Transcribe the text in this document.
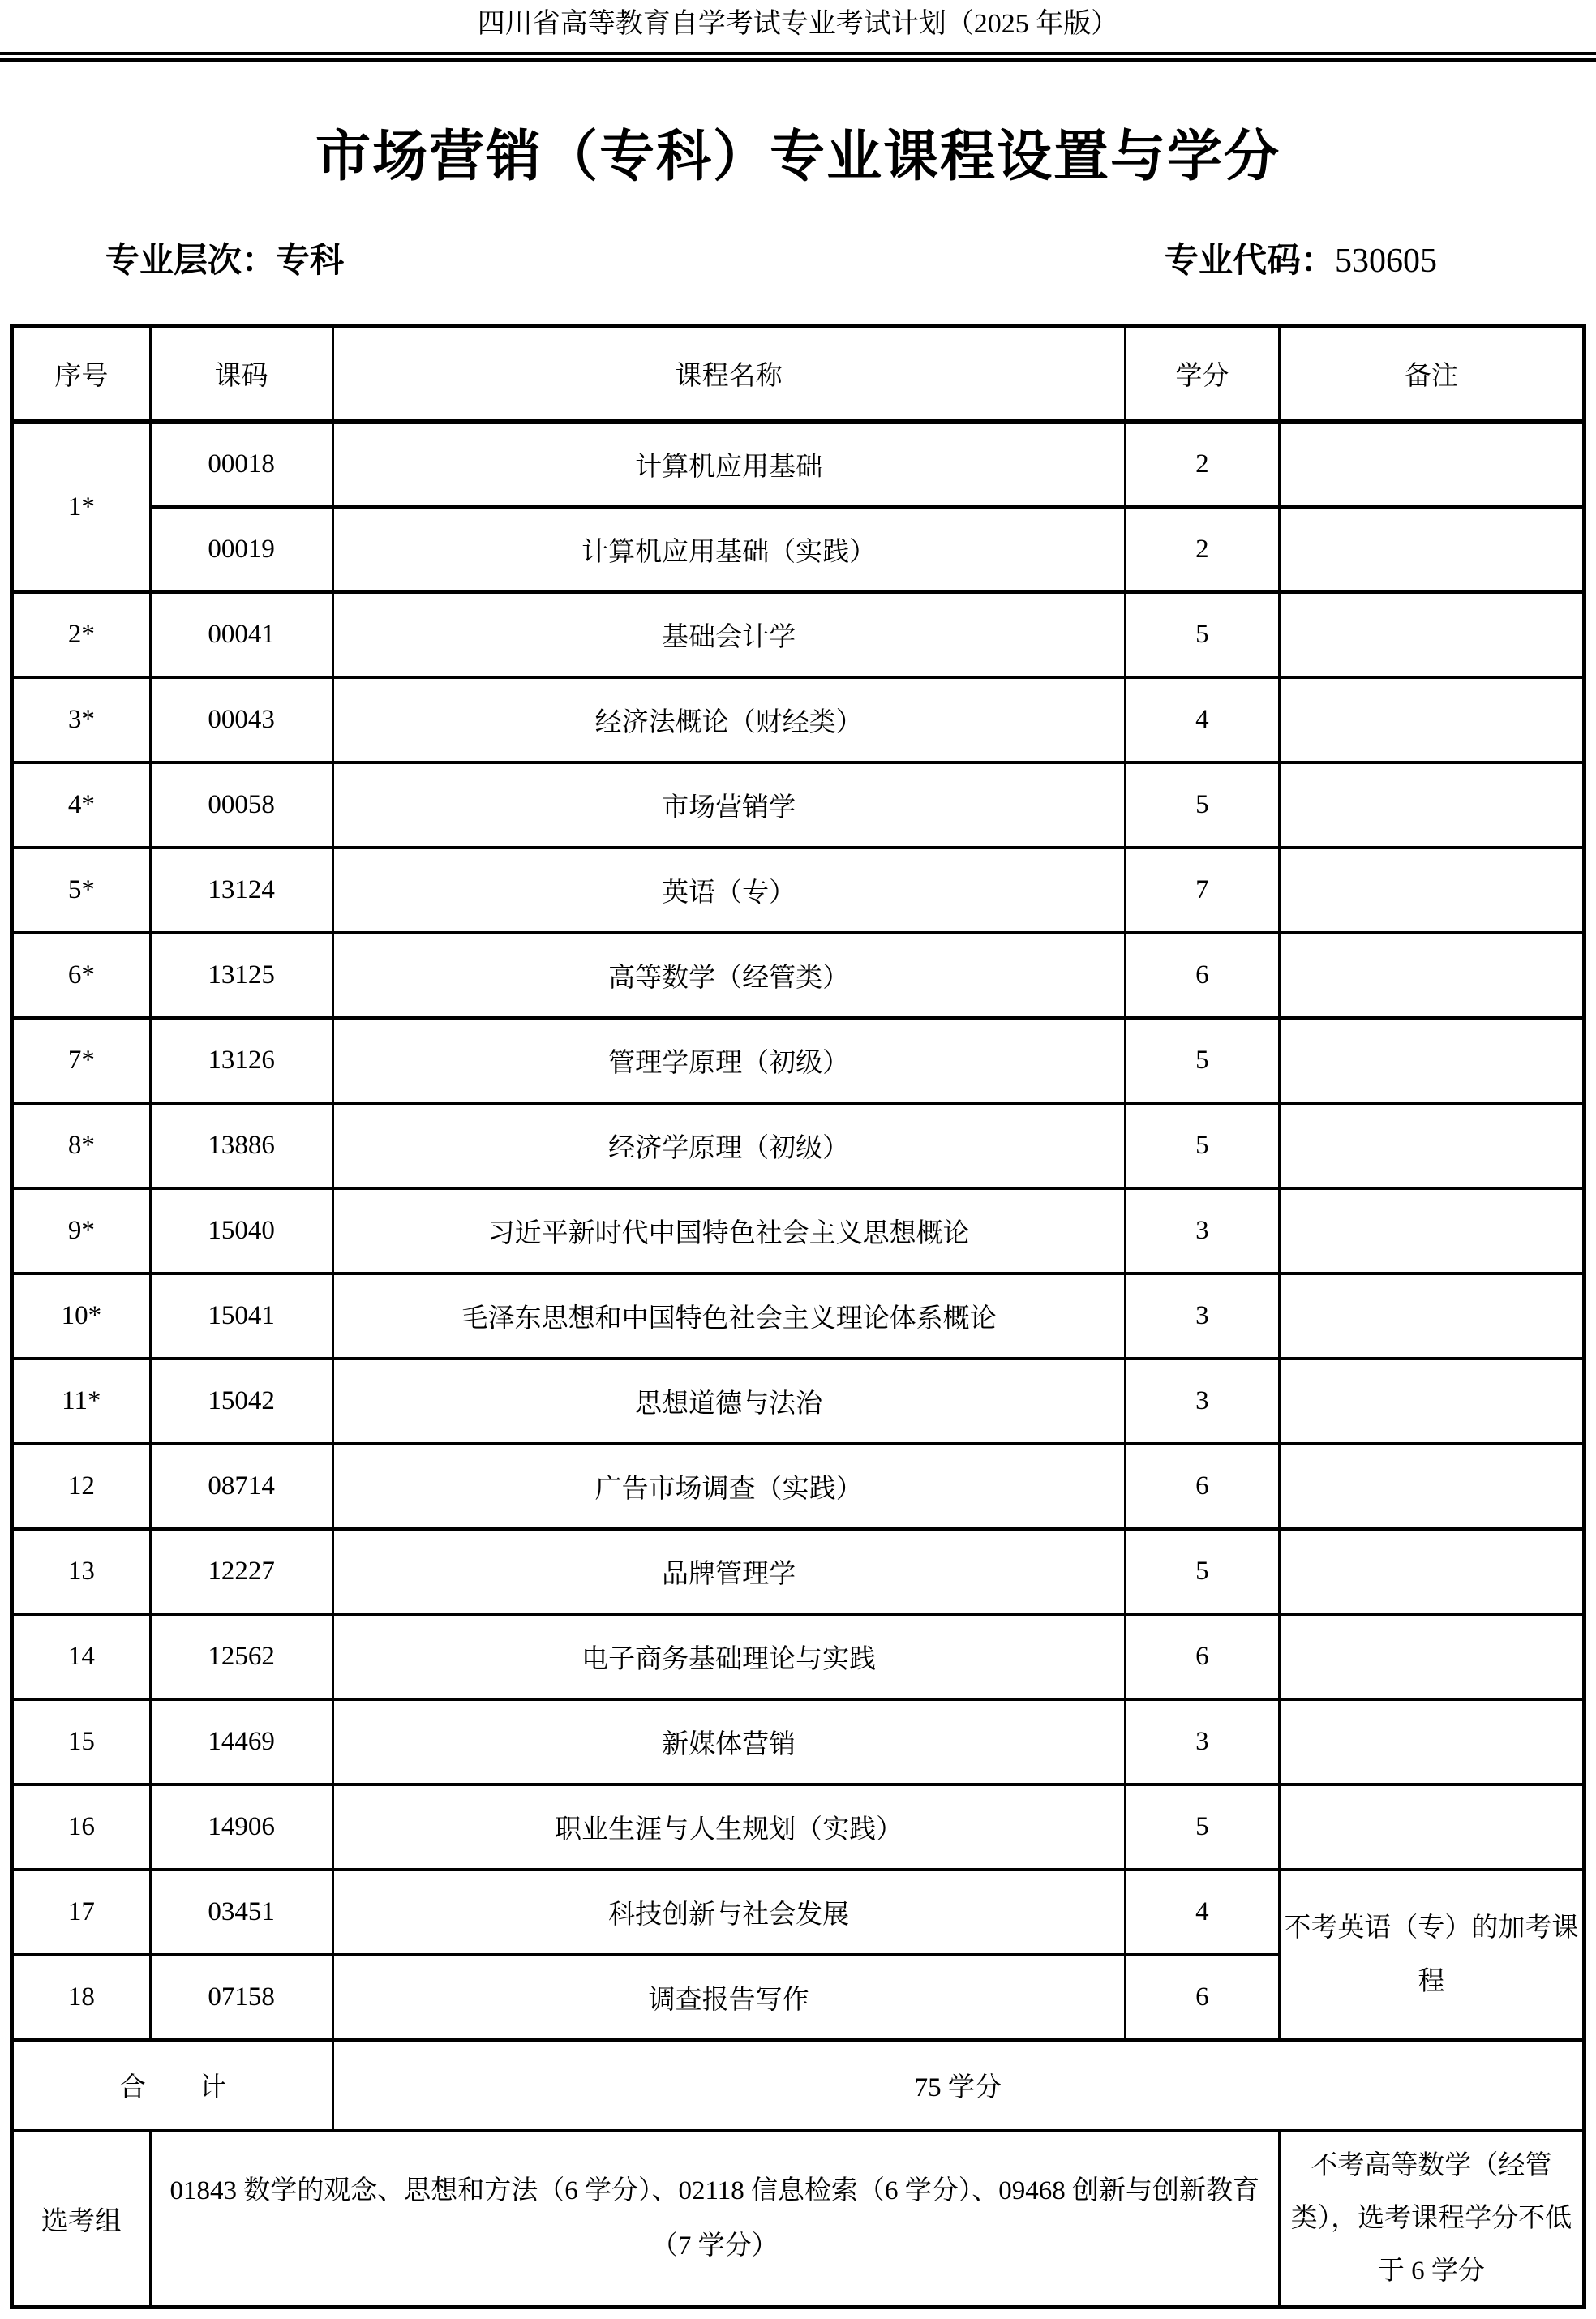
四川省高等教育自学考试专业考试计划（2025 年版）
市场营销（专科）专业课程设置与学分
专业层次：专科	专业代码：530605
序号	课码	课程名称	学分	备注
1*	00018	计算机应用基础	2	
	00019	计算机应用基础（实践）	2	
2*	00041	基础会计学	5	
3*	00043	经济法概论（财经类）	4	
4*	00058	市场营销学	5	
5*	13124	英语（专）	7	
6*	13125	高等数学（经管类）	6	
7*	13126	管理学原理（初级）	5	
8*	13886	经济学原理（初级）	5	
9*	15040	习近平新时代中国特色社会主义思想概论	3	
10*	15041	毛泽东思想和中国特色社会主义理论体系概论	3	
11*	15042	思想道德与法治	3	
12	08714	广告市场调查（实践）	6	
13	12227	品牌管理学	5	
14	12562	电子商务基础理论与实践	6	
15	14469	新媒体营销	3	
16	14906	职业生涯与人生规划（实践）	5	
17	03451	科技创新与社会发展	4	不考英语（专）的加考课程
18	07158	调查报告写作	6	
合　　计		75 学分		
选考组	01843 数学的观念、思想和方法（6 学分）、02118 信息检索（6 学分）、09468 创新与创新教育（7 学分）			不考高等数学（经管类），选考课程学分不低于 6 学分
